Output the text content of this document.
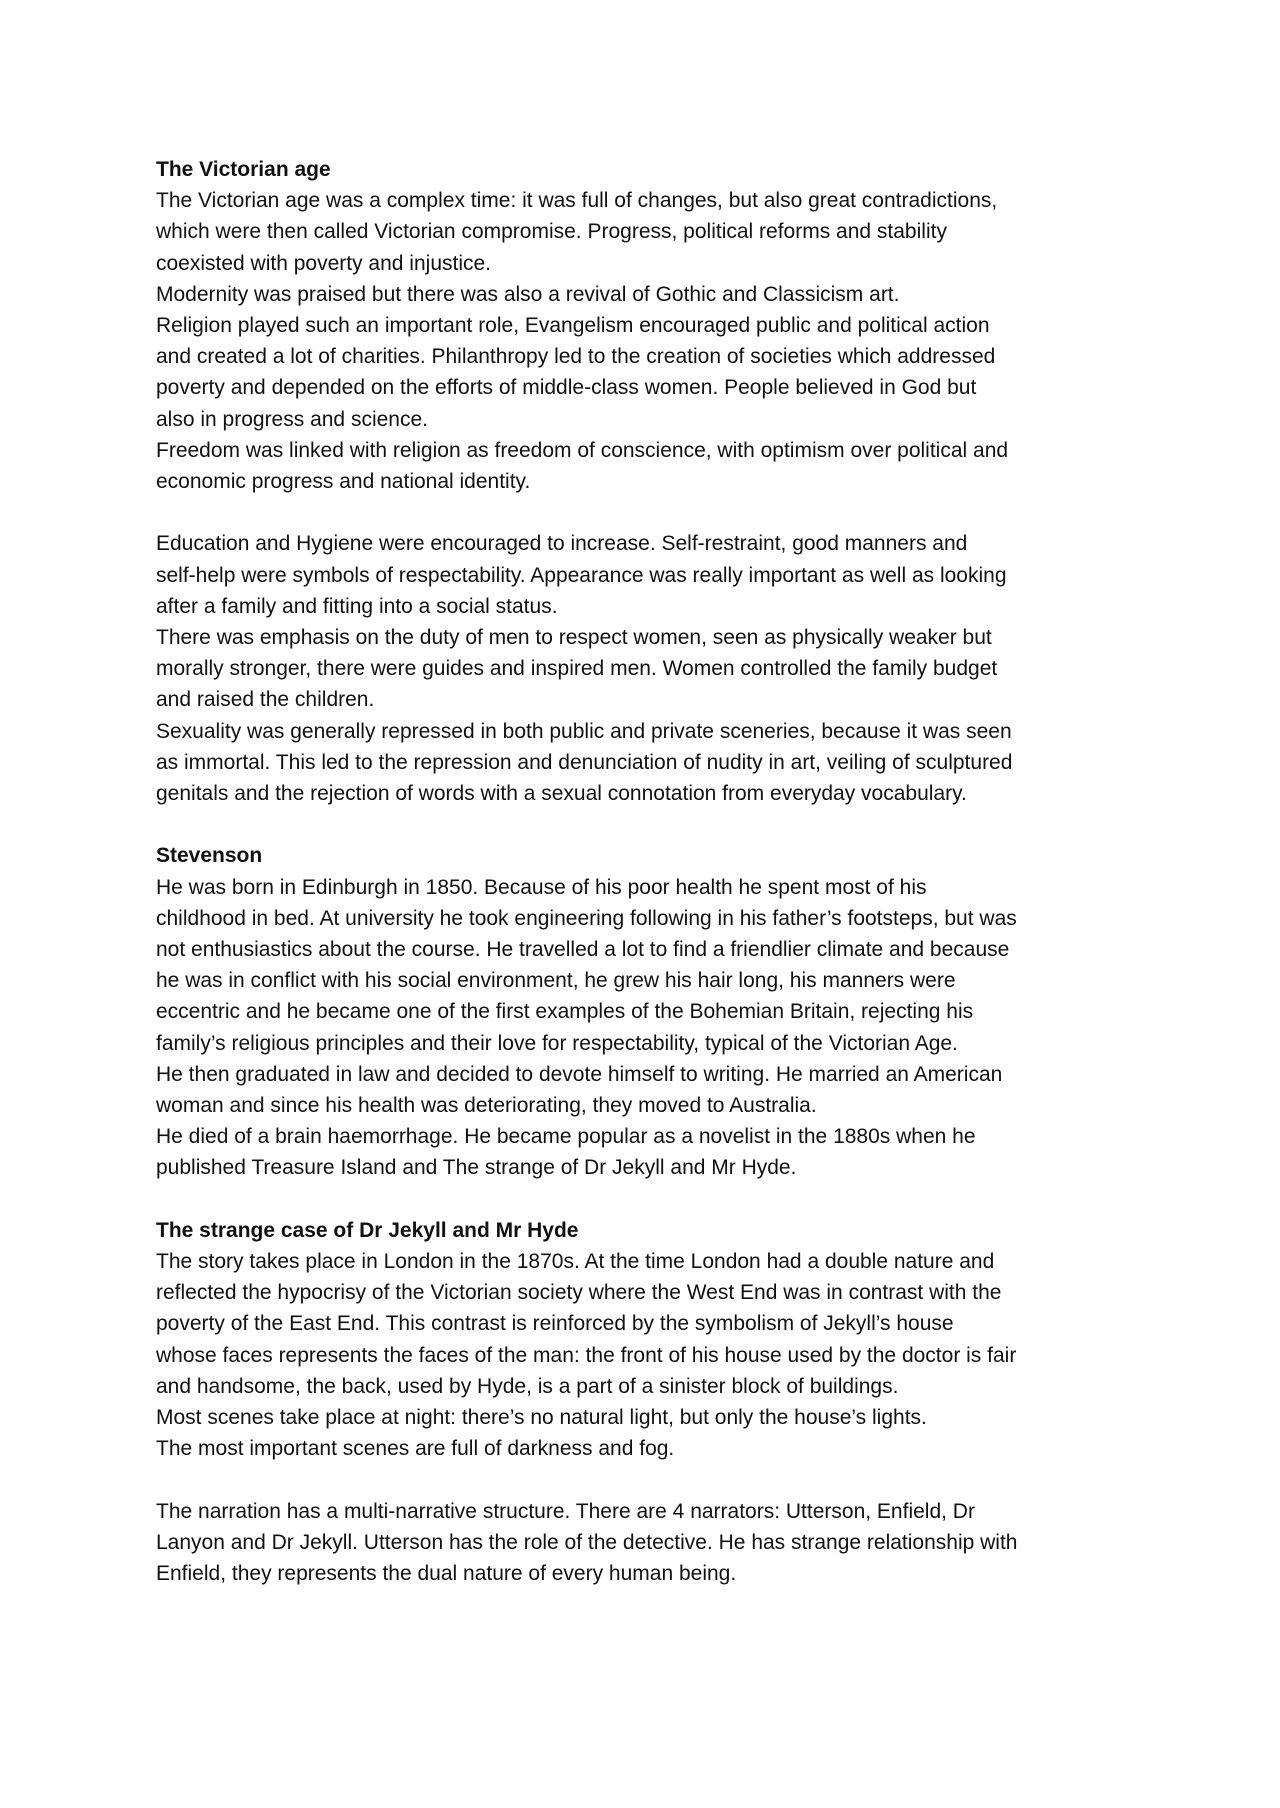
The Victorian age
The Victorian age was a complex time: it was full of changes, but also great contradictions,
which were then called Victorian compromise. Progress, political reforms and stability
coexisted with poverty and injustice.
Modernity was praised but there was also a revival of Gothic and Classicism art.
Religion played such an important role, Evangelism encouraged public and political action
and created a lot of charities. Philanthropy led to the creation of societies which addressed
poverty and depended on the efforts of middle-class women. People believed in God but
also in progress and science.
Freedom was linked with religion as freedom of conscience, with optimism over political and
economic progress and national identity.
Education and Hygiene were encouraged to increase. Self-restraint, good manners and
self-help were symbols of respectability. Appearance was really important as well as looking
after a family and fitting into a social status.
There was emphasis on the duty of men to respect women, seen as physically weaker but
morally stronger, there were guides and inspired men. Women controlled the family budget
and raised the children.
Sexuality was generally repressed in both public and private sceneries, because it was seen
as immortal. This led to the repression and denunciation of nudity in art, veiling of sculptured
genitals and the rejection of words with a sexual connotation from everyday vocabulary.
Stevenson
He was born in Edinburgh in 1850. Because of his poor health he spent most of his
childhood in bed. At university he took engineering following in his father’s footsteps, but was
not enthusiastics about the course. He travelled a lot to find a friendlier climate and because
he was in conflict with his social environment, he grew his hair long, his manners were
eccentric and he became one of the first examples of the Bohemian Britain, rejecting his
family’s religious principles and their love for respectability, typical of the Victorian Age.
He then graduated in law and decided to devote himself to writing. He married an American
woman and since his health was deteriorating, they moved to Australia.
He died of a brain haemorrhage. He became popular as a novelist in the 1880s when he
published Treasure Island and The strange of Dr Jekyll and Mr Hyde.
The strange case of Dr Jekyll and Mr Hyde
The story takes place in London in the 1870s. At the time London had a double nature and
reflected the hypocrisy of the Victorian society where the West End was in contrast with the
poverty of the East End. This contrast is reinforced by the symbolism of Jekyll’s house
whose faces represents the faces of the man: the front of his house used by the doctor is fair
and handsome, the back, used by Hyde, is a part of a sinister block of buildings.
Most scenes take place at night: there’s no natural light, but only the house’s lights.
The most important scenes are full of darkness and fog.
The narration has a multi-narrative structure. There are 4 narrators: Utterson, Enfield, Dr
Lanyon and Dr Jekyll. Utterson has the role of the detective. He has strange relationship with
Enfield, they represents the dual nature of every human being.
